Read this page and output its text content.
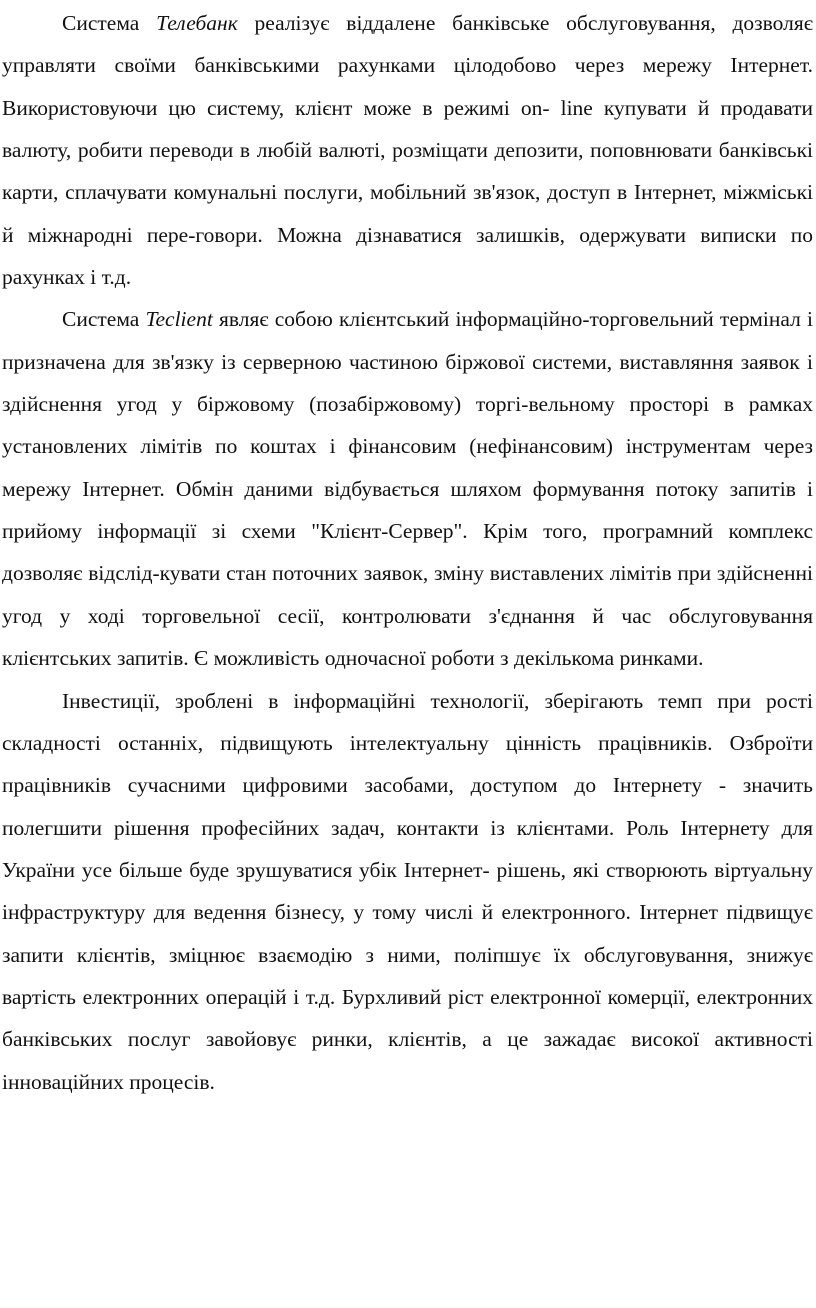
Система Телебанк реалізує віддалене банківське обслуговування, дозволяє управляти своїми банківськими рахунками цілодобово через мережу Інтернет. Використовуючи цю систему, клієнт може в режимі on- line купувати й продавати валюту, робити переводи в любій валюті, розміщати депозити, поповнювати банківські карти, сплачувати комунальні послуги, мобільний зв'язок, доступ в Інтернет, міжміські й міжнародні пере-говори. Можна дізнаватися залишків, одержувати виписки по рахунках і т.д.

Система Tecliеnt являє собою клієнтський інформаційно-торговельний термінал і призначена для зв'язку із серверною частиною біржової системи, виставляння заявок і здійснення угод у біржовому (позабіржовому) торгі-вельному просторі в рамках установлених лімітів по коштах і фінансовим (нефінансовим) інструментам через мережу Інтернет. Обмін даними відбувається шляхом формування потоку запитів і прийому інформації зі схеми "Клієнт-Сервер". Крім того, програмний комплекс дозволяє відслід-кувати стан поточних заявок, зміну виставлених лімітів при здійсненні угод у ході торговельної сесії, контролювати з'єднання й час обслуговування клієнтських запитів. Є можливість одночасної роботи з декількома ринками.

Інвестиції, зроблені в інформаційні технології, зберігають темп при рості складності останніх, підвищують інтелектуальну цінність працівників. Озброїти працівників сучасними цифровими засобами, доступом до Інтернету - значить полегшити рішення професійних задач, контакти із клієнтами. Роль Інтернету для України усе більше буде зрушуватися убік Інтернет- рішень, які створюють віртуальну інфраструктуру для ведення бізнесу, у тому числі й електронного. Інтернет підвищує запити клієнтів, зміцнює взаємодію з ними, поліпшує їх обслуговування, знижує вартість електронних операцій і т.д. Бурхливий ріст електронної комерції, електронних банківських послуг завойовує ринки, клієнтів, а це зажадає високої активності інноваційних процесів.
